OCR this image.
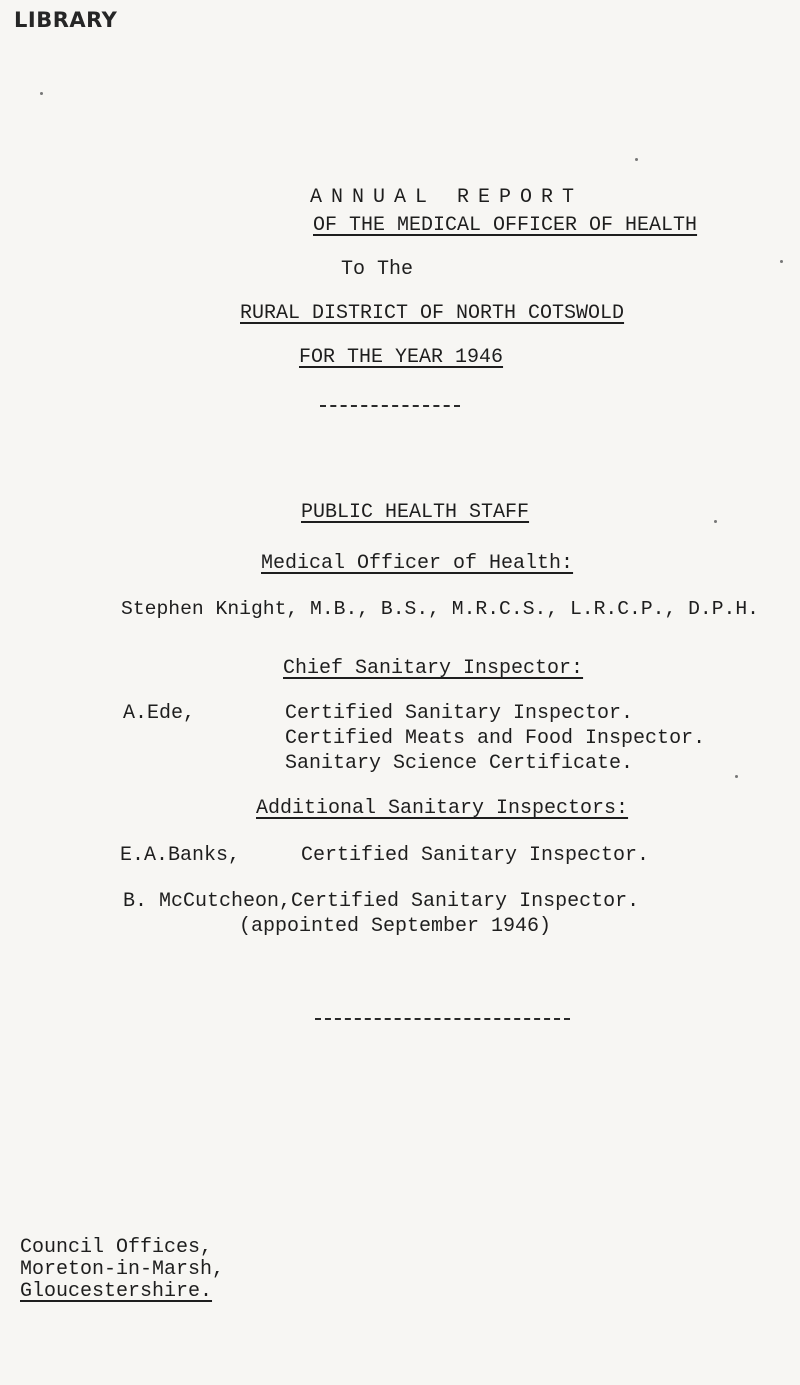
LIBRARY
ANNUAL REPORT
OF THE MEDICAL OFFICER OF HEALTH
To The
RURAL DISTRICT OF NORTH COTSWOLD
FOR THE YEAR 1946
PUBLIC HEALTH STAFF
Medical Officer of Health:
Stephen Knight, M.B., B.S., M.R.C.S., L.R.C.P., D.P.H.
Chief Sanitary Inspector:
A.Ede,	Certified Sanitary Inspector.
Certified Meats and Food Inspector.
Sanitary Science Certificate.
Additional Sanitary Inspectors:
E.A.Banks,	Certified Sanitary Inspector.
B. McCutcheon,Certified Sanitary Inspector.
(appointed September 1946)
Council Offices,
Moreton-in-Marsh,
Gloucestershire.
